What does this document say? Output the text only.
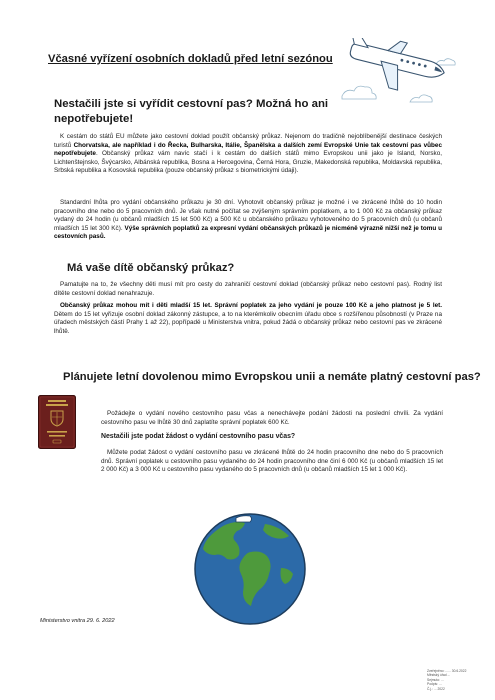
Včasné vyřízení osobních dokladů před letní sezónou
Nestačili jste si vyřídit cestovní pas? Možná ho ani nepotřebujete!
K cestám do států EU můžete jako cestovní doklad použít občanský průkaz. Nejenom do tradičně nejoblíbenější destinace českých turistů Chorvatska, ale například i do Řecka, Bulharska, Itálie, Španělska a dalších zemí Evropské Unie tak cestovní pas vůbec nepotřebujete. Občanský průkaz vám navíc stačí i k cestám do dalších států mimo Evropskou unii jako je Island, Norsko, Lichtenštejnsko, Švýcarsko, Albánská republika, Bosna a Hercegovina, Černá Hora, Gruzie, Makedonská republika, Moldavská republika, Srbská republika a Kosovská republika (pouze občanský průkaz s biometrickými údaji).
Standardní lhůta pro vydání občanského průkazu je 30 dní. Vyhotovit občanský průkaz je možné i ve zkrácené lhůtě do 10 hodin pracovního dne nebo do 5 pracovních dnů. Je však nutné počítat se zvýšeným správním poplatkem, a to 1 000 Kč za občanský průkaz vydaný do 24 hodin (u občanů mladších 15 let 500 Kč) a 500 Kč u občanského průkazu vyhotoveného do 5 pracovních dnů (u občanů mladších 15 let 300 Kč). Výše správních poplatků za expresní vydání občanských průkazů je nicméně výrazně nižší než je tomu u cestovních pasů.
Má vaše dítě občanský průkaz?
Pamatujte na to, že všechny děti musí mít pro cesty do zahraničí cestovní doklad (občanský průkaz nebo cestovní pas). Rodný list dítěte cestovní doklad nenahrazuje.
Občanský průkaz mohou mít i děti mladší 15 let. Správní poplatek za jeho vydání je pouze 100 Kč a jeho platnost je 5 let. Dětem do 15 let vyřizuje osobní doklad zákonný zástupce, a to na kterémkoliv obecním úřadu obce s rozšířenou působností (v Praze na úřadech městských částí Prahy 1 až 22), popřípadě u Ministerstva vnitra, pokud žádá o občanský průkaz nebo cestovní pas ve zkrácené lhůtě.
Plánujete letní dovolenou mimo Evropskou unii a nemáte platný cestovní pas?
Požádejte o vydání nového cestovního pasu včas a nenechávejte podání žádosti na poslední chvíli. Za vydání cestovního pasu ve lhůtě 30 dnů zaplatíte správní poplatek 600 Kč.
Nestačili jste podat žádost o vydání cestovního pasu včas?
Můžete podat žádost o vydání cestovního pasu ve zkrácené lhůtě do 24 hodin pracovního dne nebo do 5 pracovních dnů. Správní poplatek u cestovního pasu vydaného do 24 hodin pracovního dne činí 6 000 Kč (u občanů mladších 15 let 2 000 Kč) a 3 000 Kč u cestovního pasu vydaného do 5 pracovních dnů (u občanů mladších 15 let 1 000 Kč).
Ministerstvo vnitra 29. 6. 2022
Zveřejněno: ...... 30.6.2022
Městský úřad ...
Sejmuto: ...
Podpis: ...
Č.j.: ... 2022
